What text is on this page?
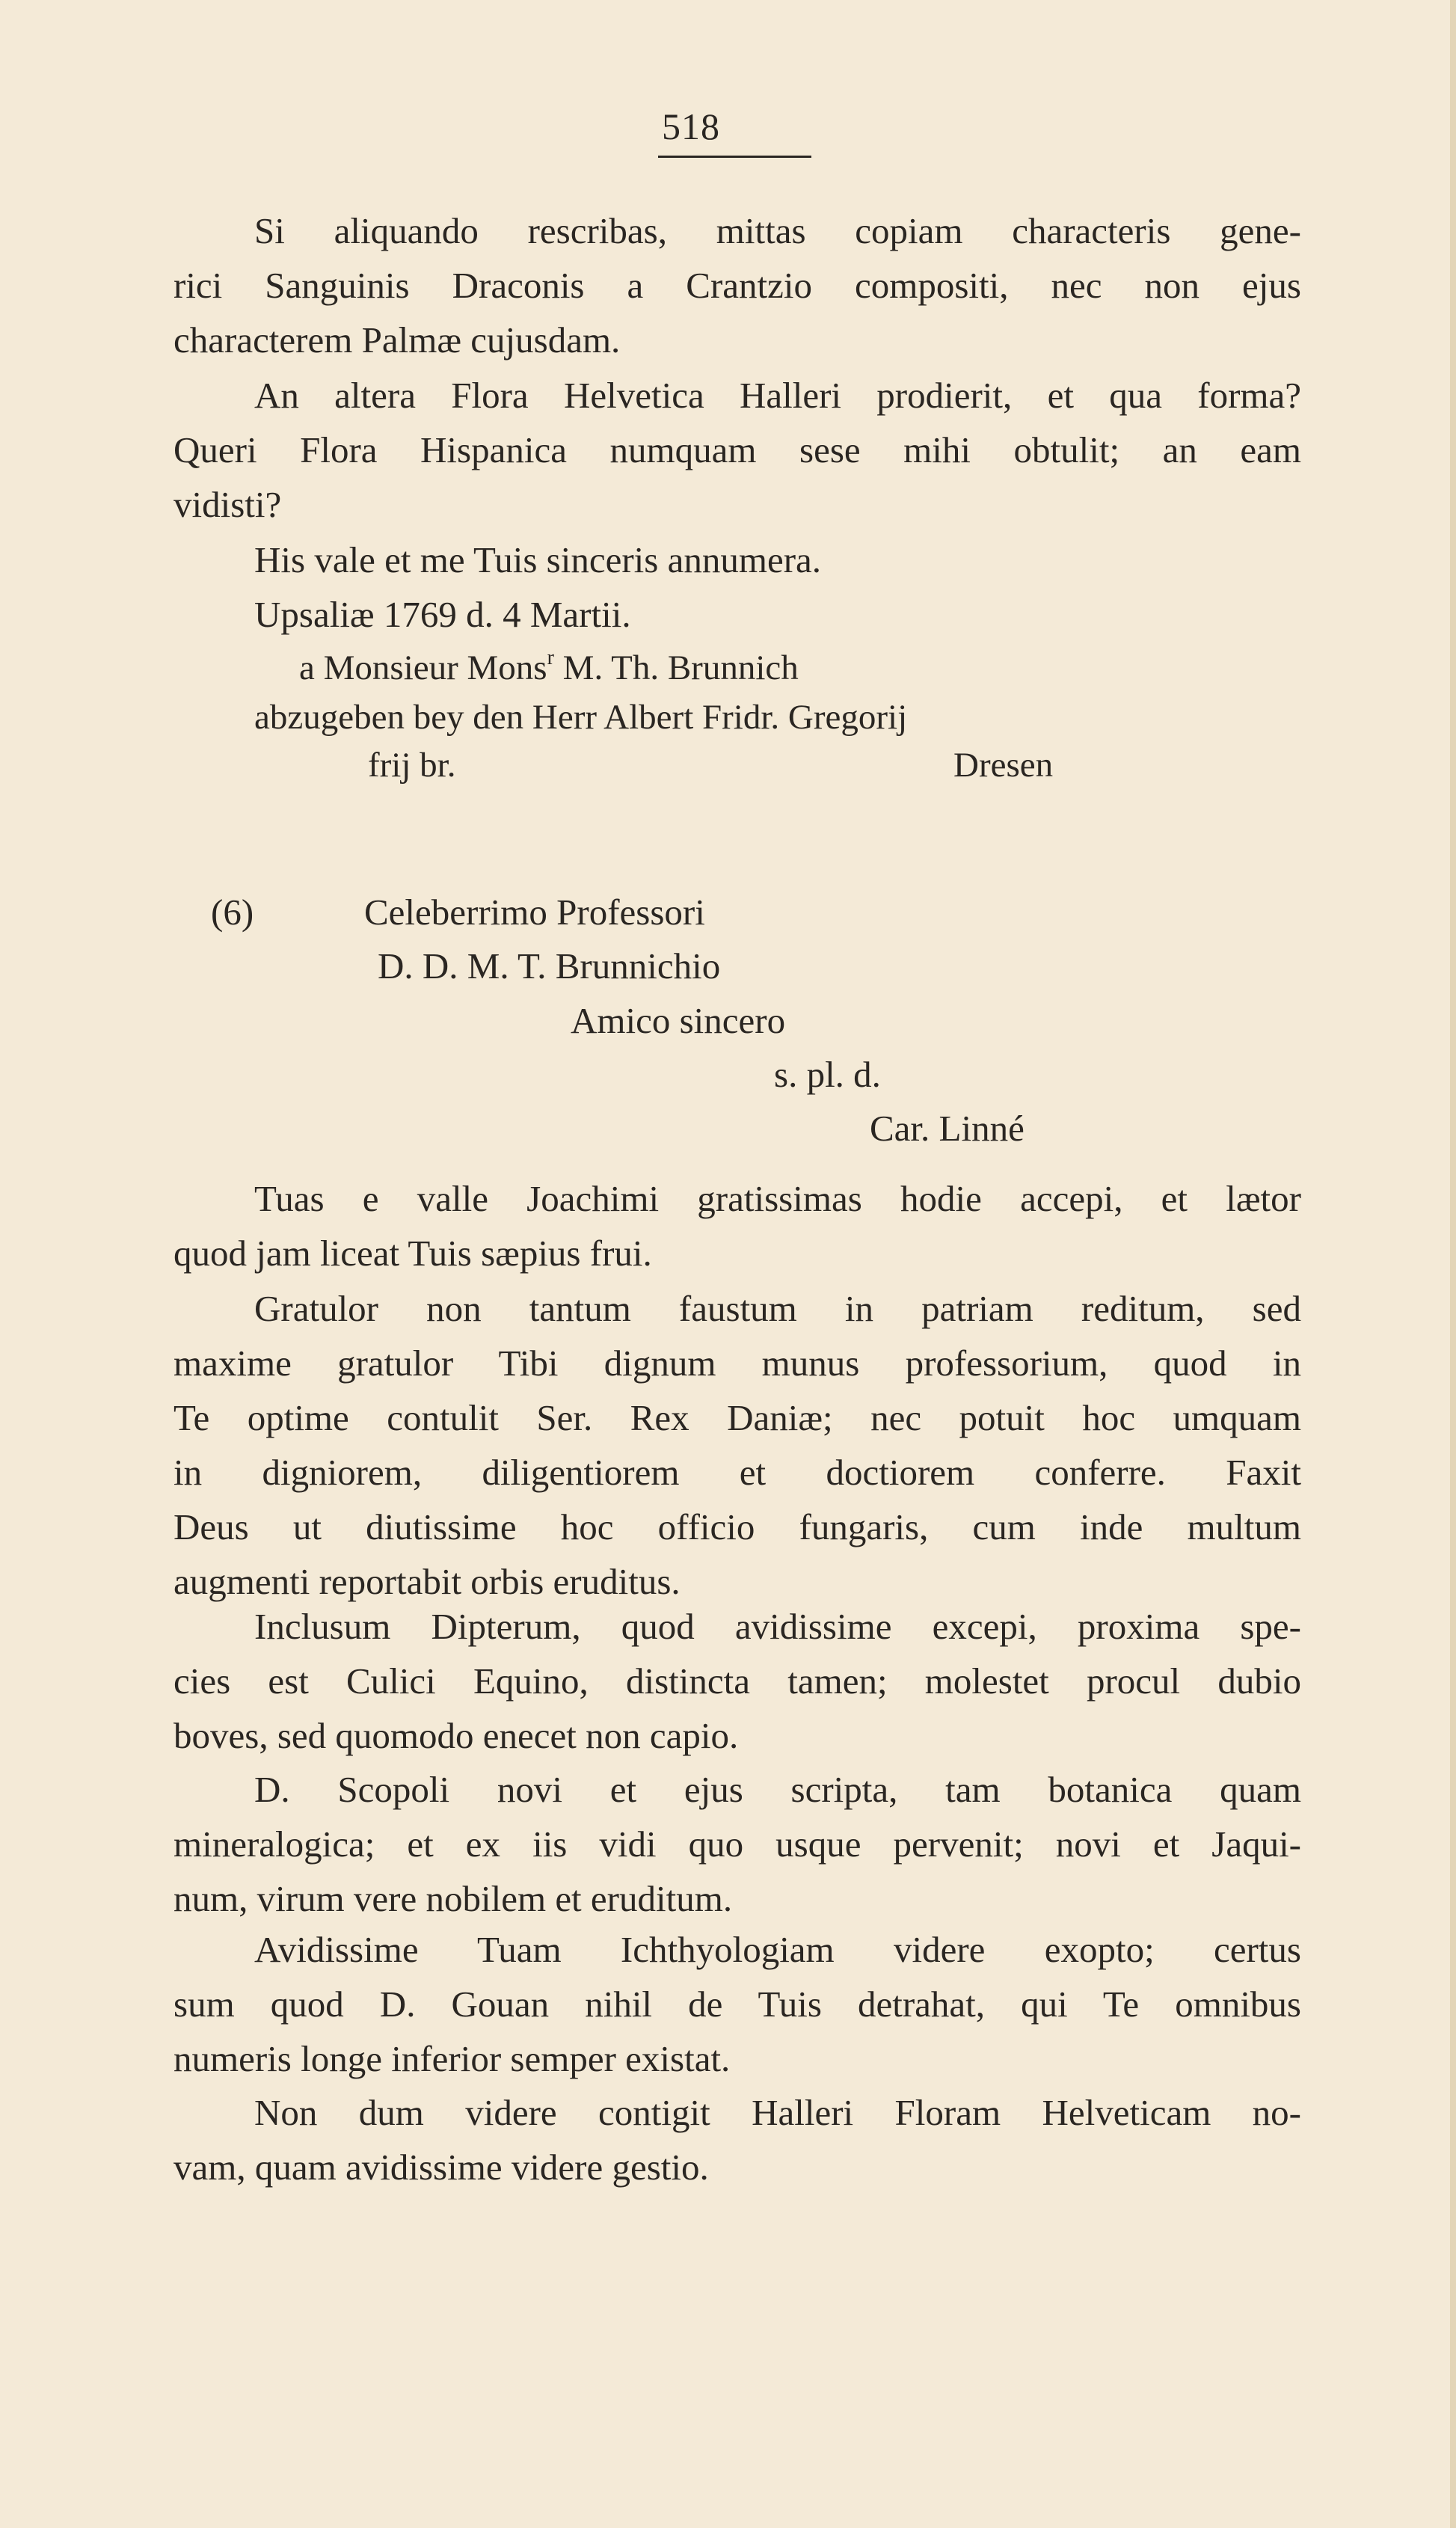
518
Si aliquando rescribas, mittas copiam characteris gene-
rici Sanguinis Draconis a Crantzio compositi, nec non ejus
characterem Palmæ cujusdam.
An altera Flora Helvetica Halleri prodierit, et qua forma?
Queri Flora Hispanica numquam sese mihi obtulit; an eam
vidisti?
His vale et me Tuis sinceris annumera.
Upsaliæ 1769 d. 4 Martii.
a Monsieur Mons$^r$ M. Th. Brunnich
abzugeben bey den Herr Albert Fridr. Gregorij
frij br.	Dresen
(6)	Celeberrimo Professori
D. D. M. T. Brunnichio
Amico sincero
s. pl. d.
Car. Linné
Tuas e valle Joachimi gratissimas hodie accepi, et lætor
quod jam liceat Tuis sæpius frui.
Gratulor non tantum faustum in patriam reditum, sed
maxime gratulor Tibi dignum munus professorium, quod in
Te optime contulit Ser. Rex Daniæ; nec potuit hoc umquam
in digniorem, diligentiorem et doctiorem conferre. Faxit
Deus ut diutissime hoc officio fungaris, cum inde multum
augmenti reportabit orbis eruditus.
Inclusum Dipterum, quod avidissime excepi, proxima spe-
cies est Culici Equino, distincta tamen; molestet procul dubio
boves, sed quomodo enecet non capio.
D. Scopoli novi et ejus scripta, tam botanica quam
mineralogica; et ex iis vidi quo usque pervenit; novi et Jaqui-
num, virum vere nobilem et eruditum.
Avidissime Tuam Ichthyologiam videre exopto; certus
sum quod D. Gouan nihil de Tuis detrahat, qui Te omnibus
numeris longe inferior semper existat.
Non dum videre contigit Halleri Floram Helveticam no-
vam, quam avidissime videre gestio.
